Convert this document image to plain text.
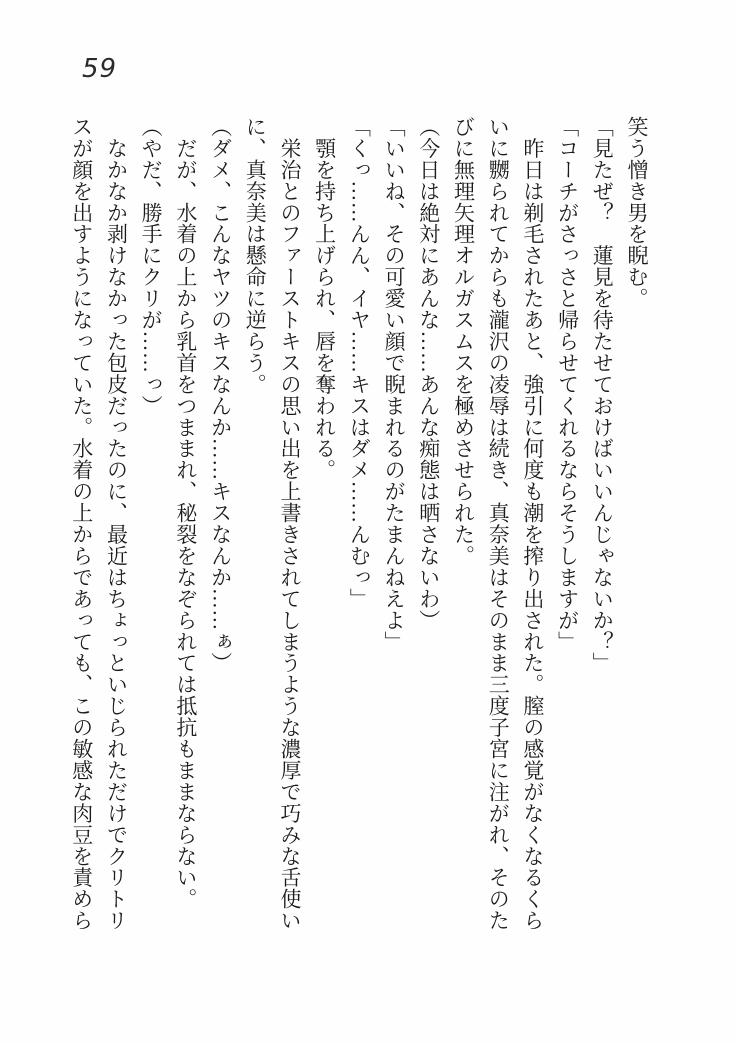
59
笑う憎き男を睨む。
「見たぜ？　蓮見を待たせておけばいいんじゃないか？」
「コーチがさっさと帰らせてくれるならそうしますが」
　昨日は剃毛されたあと、強引に何度も潮を搾り出された。膣の感覚がなくなるくら
いに嬲られてからも瀧沢の凌辱は続き、真奈美はそのまま三度子宮に注がれ、そのた
びに無理矢理オルガスムスを極めさせられた。
（今日は絶対にあんな……あんな痴態は晒さないわ）
「いいね、その可愛い顔で睨まれるのがたまんねえよ」
「くっ……んん、イヤ……キスはダメ……んむっ」
　顎を持ち上げられ、唇を奪われる。
　栄治とのファーストキスの思い出を上書きされてしまうような濃厚で巧みな舌使い
に、真奈美は懸命に逆らう。
（ダメ、こんなヤツのキスなんか……キスなんか……ぁ）
　だが、水着の上から乳首をつままれ、秘裂をなぞられては抵抗もままならない。
（やだ、勝手にクリが……っ）
　なかなか剥けなかった包皮だったのに、最近はちょっといじられただけでクリトリ
スが顔を出すようになっていた。水着の上からであっても、この敏感な肉豆を責めら
